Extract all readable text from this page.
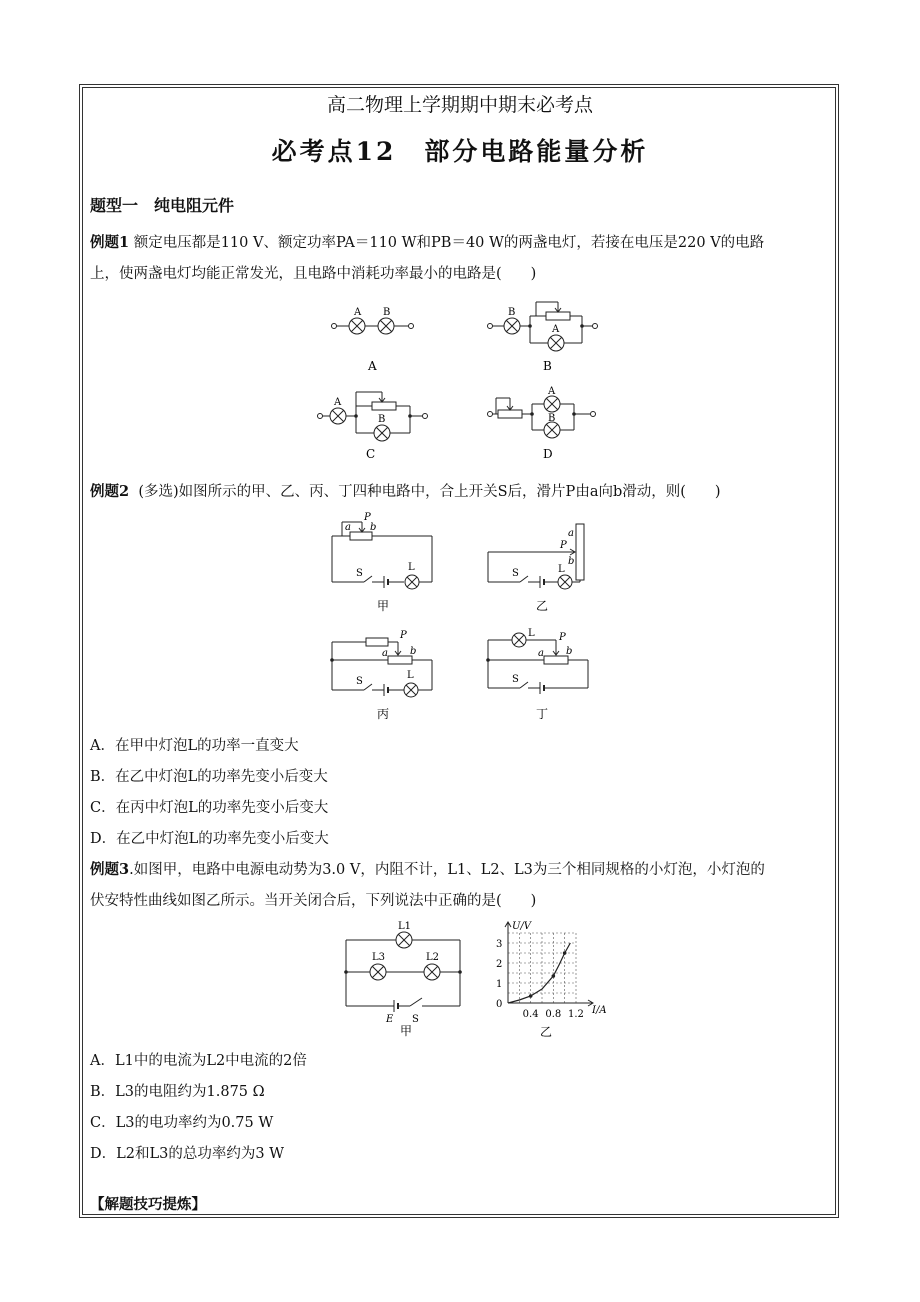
高二物理上学期期中期末必考点
必考点12　部分电路能量分析
题型一　纯电阻元件
例题1 额定电压都是110 V、额定功率PA＝110 W和PB＝40 W的两盏电灯，若接在电压是220 V的电路
上，使两盏电灯均能正常发光，且电路中消耗功率最小的电路是(　　)
A B
A
B
A
B
A
B
C
A
B
D
例题2 (多选)如图所示的甲、乙、丙、丁四种电路中，合上开关S后，滑片P由a向b滑动，则(　　)
a
P
b
S
L
甲
a
P
b
S	L
乙
P
a b
S
L
丙
L P
a b
S
丁
A．在甲中灯泡L的功率一直变大
B．在乙中灯泡L的功率先变小后变大
C．在丙中灯泡L的功率先变小后变大
D．在乙中灯泡L的功率先变小后变大
例题3.如图甲，电路中电源电动势为3.0 V，内阻不计，L1、L2、L3为三个相同规格的小灯泡，小灯泡的
伏安特性曲线如图乙所示。当开关闭合后，下列说法中正确的是(　　)
L1
L3	L2
E S
甲
0
1
2
3
0.4 0.8 1.2
U/V
I/A
乙
A．L1中的电流为L2中电流的2倍
B．L3的电阻约为1.875 Ω
C．L3的电功率约为0.75 W
D．L2和L3的总功率约为3 W
【解题技巧提炼】
